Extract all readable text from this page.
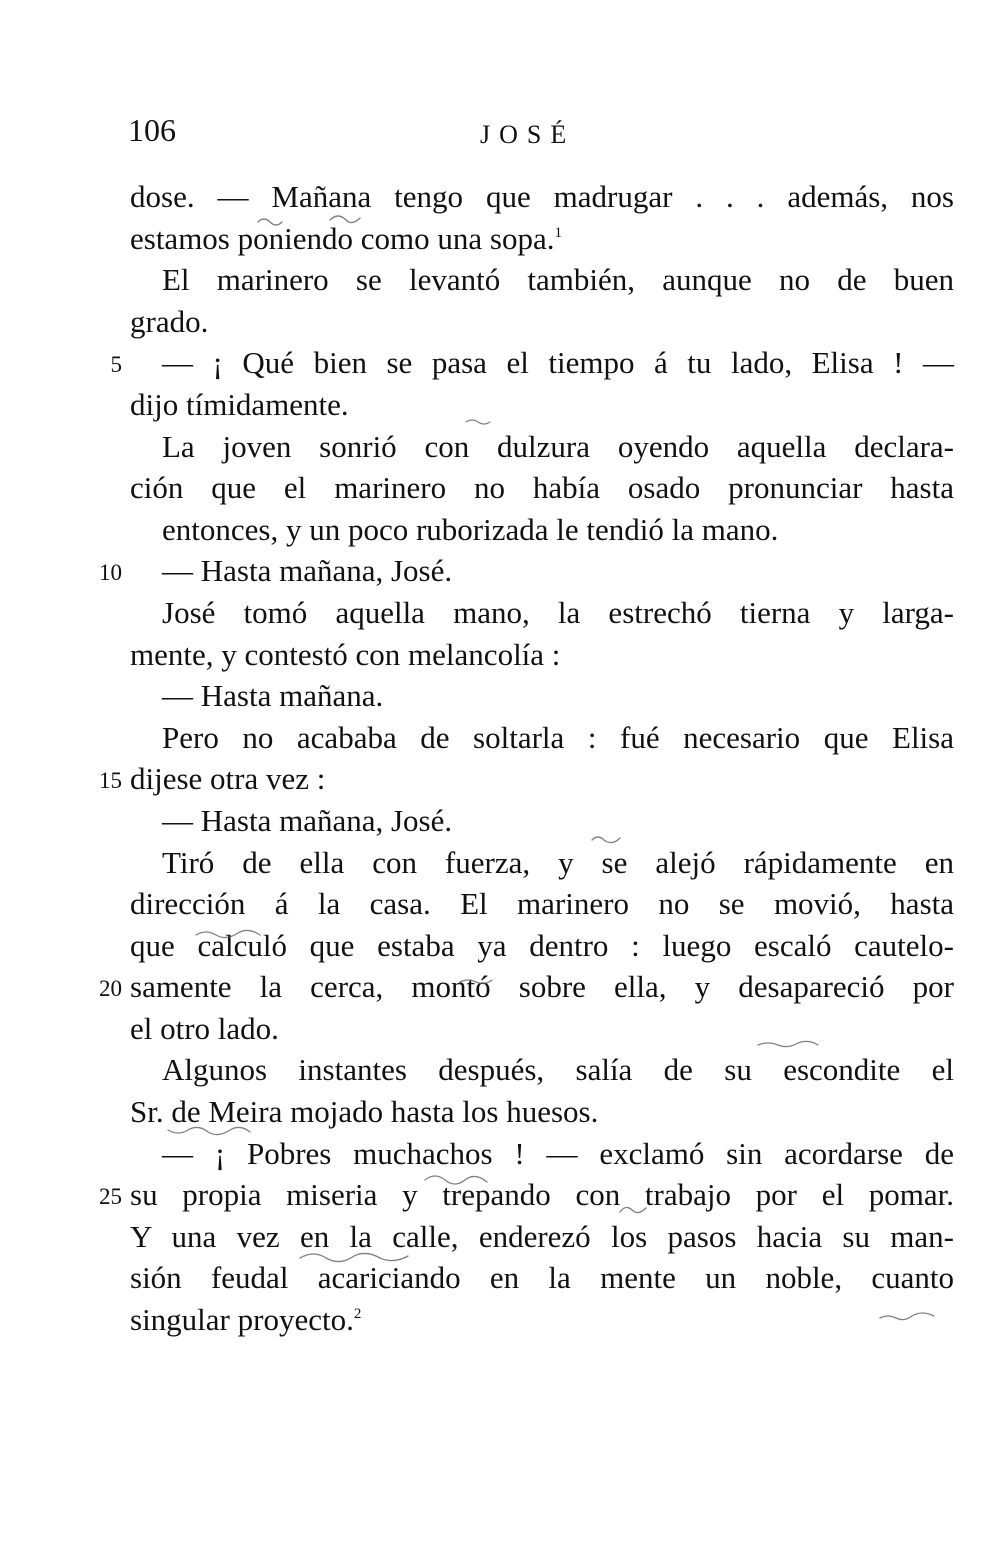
106	JOSÉ
dose. — Mañana tengo que madrugar . . . además, nos
estamos poniendo como una sopa.$^1$
El marinero se levantó también, aunque no de buen
grado.
5 — ¡ Qué bien se pasa el tiempo á tu lado, Elisa ! —
dijo tímidamente.
La joven sonrió con dulzura oyendo aquella declara-
ción que el marinero no había osado pronunciar hasta
entonces, y un poco ruborizada le tendió la mano.
10 — Hasta mañana, José.
José tomó aquella mano, la estrechó tierna y larga-
mente, y contestó con melancolía :
— Hasta mañana.
Pero no acababa de soltarla : fué necesario que Elisa
15 dijese otra vez :
— Hasta mañana, José.
Tiró de ella con fuerza, y se alejó rápidamente en
dirección á la casa. El marinero no se movió, hasta
que calculó que estaba ya dentro : luego escaló cautelo-
20 samente la cerca, montó sobre ella, y desapareció por
el otro lado.
Algunos instantes después, salía de su escondite el
Sr. de Meira mojado hasta los huesos.
— ¡ Pobres muchachos ! — exclamó sin acordarse de
25 su propia miseria y trepando con trabajo por el pomar.
Y una vez en la calle, enderezó los pasos hacia su man-
sión feudal acariciando en la mente un noble, cuanto
singular proyecto.$^2$
